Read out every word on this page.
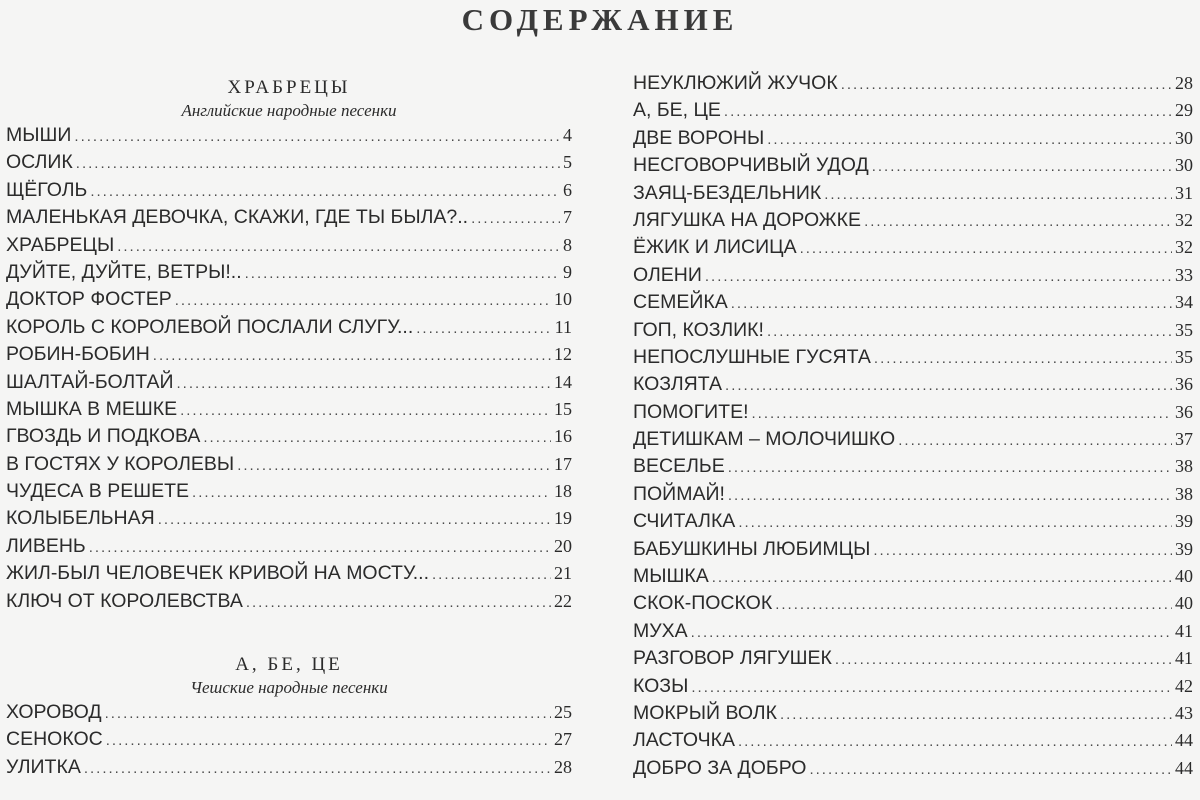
СОДЕРЖАНИЕ
ХРАБРЕЦЫ
Английские народные песенки
МЫШИ .....	4
ОСЛИК .....	5
ЩЁГОЛЬ .....	6
МАЛЕНЬКАЯ ДЕВОЧКА, СКАЖИ, ГДЕ ТЫ БЫЛА?.. .....	7
ХРАБРЕЦЫ .....	8
ДУЙТЕ, ДУЙТЕ, ВЕТРЫ!.. .....	9
ДОКТОР ФОСТЕР .....	10
КОРОЛЬ С КОРОЛЕВОЙ ПОСЛАЛИ СЛУГУ... .....	11
РОБИН-БОБИН .....	12
ШАЛТАЙ-БОЛТАЙ .....	14
МЫШКА В МЕШКЕ .....	15
ГВОЗДЬ И ПОДКОВА .....	16
В ГОСТЯХ У КОРОЛЕВЫ .....	17
ЧУДЕСА В РЕШЕТЕ .....	18
КОЛЫБЕЛЬНАЯ .....	19
ЛИВЕНЬ .....	20
ЖИЛ-БЫЛ ЧЕЛОВЕЧЕК КРИВОЙ НА МОСТУ... .....	21
КЛЮЧ ОТ КОРОЛЕВСТВА .....	22
А, БЕ, ЦЕ
Чешские народные песенки
ХОРОВОД .....	25
СЕНОКОС .....	27
УЛИТКА .....	28
НЕУКЛЮЖИЙ ЖУЧОК .....	28
А, БЕ, ЦЕ .....	29
ДВЕ ВОРОНЫ .....	30
НЕСГОВОРЧИВЫЙ УДОД .....	30
ЗАЯЦ-БЕЗДЕЛЬНИК .....	31
ЛЯГУШКА НА ДОРОЖКЕ .....	32
ЁЖИК И ЛИСИЦА .....	32
ОЛЕНИ .....	33
СЕМЕЙКА .....	34
ГОП, КОЗЛИК! .....	35
НЕПОСЛУШНЫЕ ГУСЯТА .....	35
КОЗЛЯТА .....	36
ПОМОГИТЕ! .....	36
ДЕТИШКАМ – МОЛОЧИШКО .....	37
ВЕСЕЛЬЕ .....	38
ПОЙМАЙ! .....	38
СЧИТАЛКА .....	39
БАБУШКИНЫ ЛЮБИМЦЫ .....	39
МЫШКА .....	40
СКОК-ПОСКОК .....	40
МУХА .....	41
РАЗГОВОР ЛЯГУШЕК .....	41
КОЗЫ .....	42
МОКРЫЙ ВОЛК .....	43
ЛАСТОЧКА .....	44
ДОБРО ЗА ДОБРО .....	44
